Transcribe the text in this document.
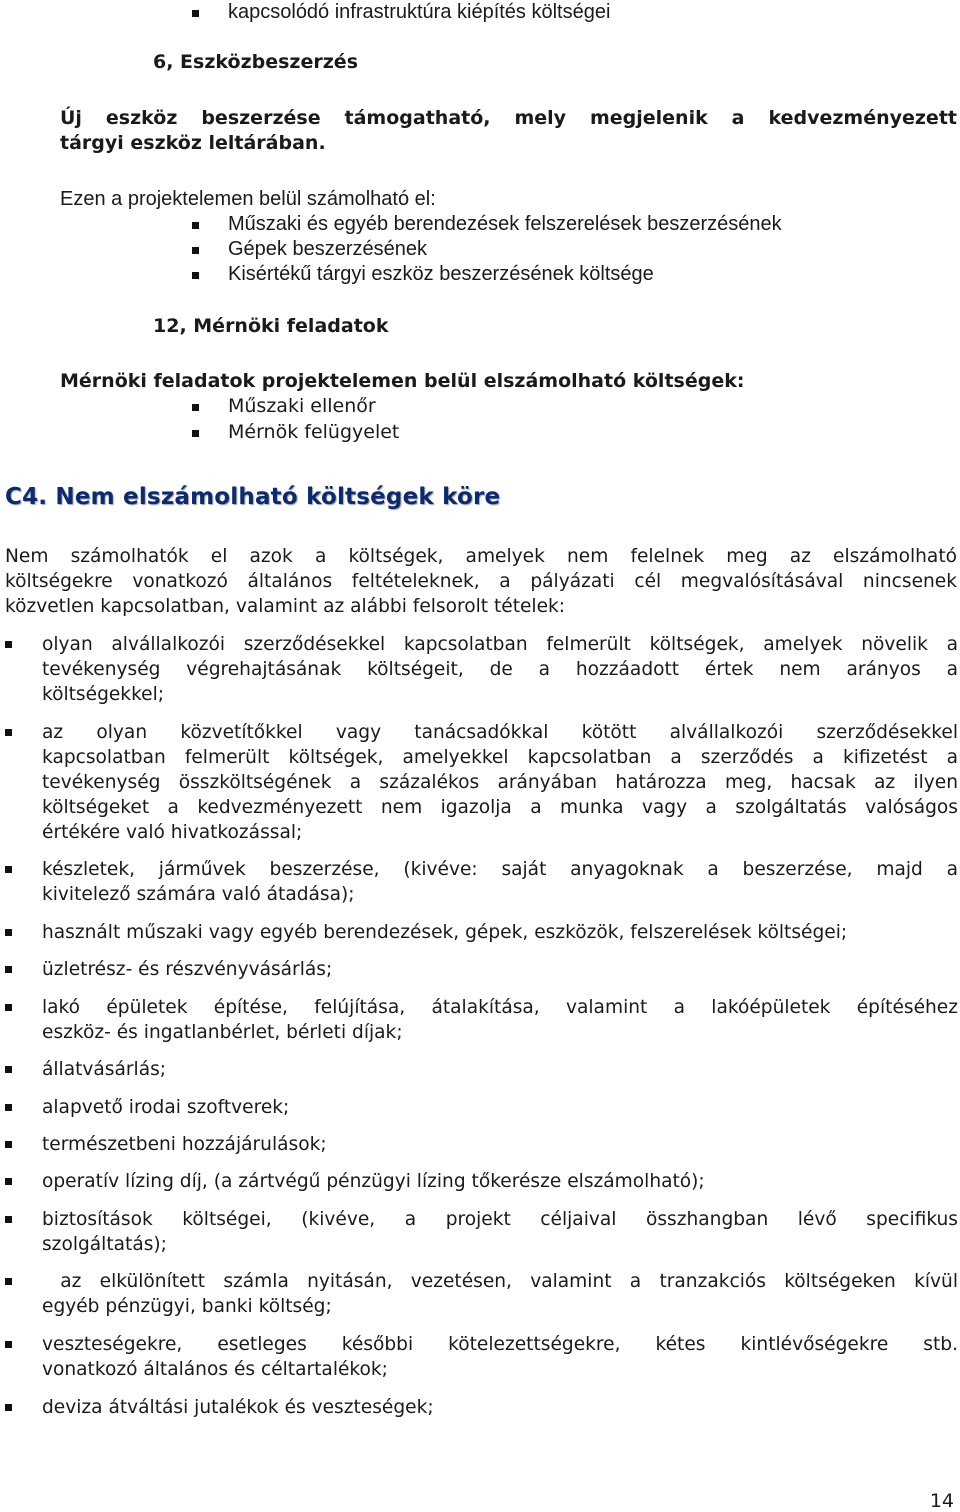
kapcsolódó infrastruktúra kiépítés költségei
6, Eszközbeszerzés
Új eszköz beszerzése támogatható, mely megjelenik a kedvezményezett
tárgyi eszköz leltárában.
Ezen a projektelemen belül számolható el:
Műszaki és egyéb berendezések felszerelések beszerzésének
Gépek beszerzésének
Kisértékű tárgyi eszköz beszerzésének költsége
12, Mérnöki feladatok
Mérnöki feladatok projektelemen belül elszámolható költségek:
Műszaki ellenőr
Mérnök felügyelet
C4. Nem elszámolható költségek köre
Nem számolhatók el azok a költségek, amelyek nem felelnek meg az elszámolható
költségekre vonatkozó általános feltételeknek, a pályázati cél megvalósításával nincsenek
közvetlen kapcsolatban, valamint az alábbi felsorolt tételek:
olyan alvállalkozói szerződésekkel kapcsolatban felmerült költségek, amelyek növelik a
tevékenység végrehajtásának költségeit, de a hozzáadott értek nem arányos a
költségekkel;
az olyan közvetítőkkel vagy tanácsadókkal kötött alvállalkozói szerződésekkel
kapcsolatban felmerült költségek, amelyekkel kapcsolatban a szerződés a kifizetést a
tevékenység összköltségének a százalékos arányában határozza meg, hacsak az ilyen
költségeket a kedvezményezett nem igazolja a munka vagy a szolgáltatás valóságos
értékére való hivatkozással;
készletek, járművek beszerzése, (kivéve: saját anyagoknak a beszerzése, majd a
kivitelező számára való átadása);
használt műszaki vagy egyéb berendezések, gépek, eszközök, felszerelések költségei;
üzletrész- és részvényvásárlás;
lakó épületek építése, felújítása, átalakítása, valamint a lakóépületek építéséhez
eszköz- és ingatlanbérlet, bérleti díjak;
állatvásárlás;
alapvető irodai szoftverek;
természetbeni hozzájárulások;
operatív lízing díj, (a zártvégű pénzügyi lízing tőkerésze elszámolható);
biztosítások költségei, (kivéve, a projekt céljaival összhangban lévő specifikus
szolgáltatás);
az elkülönített számla nyitásán, vezetésen, valamint a tranzakciós költségeken kívül
egyéb pénzügyi, banki költség;
veszteségekre, esetleges későbbi kötelezettségekre, kétes kintlévőségekre stb.
vonatkozó általános és céltartalékok;
deviza átváltási jutalékok és veszteségek;
14
